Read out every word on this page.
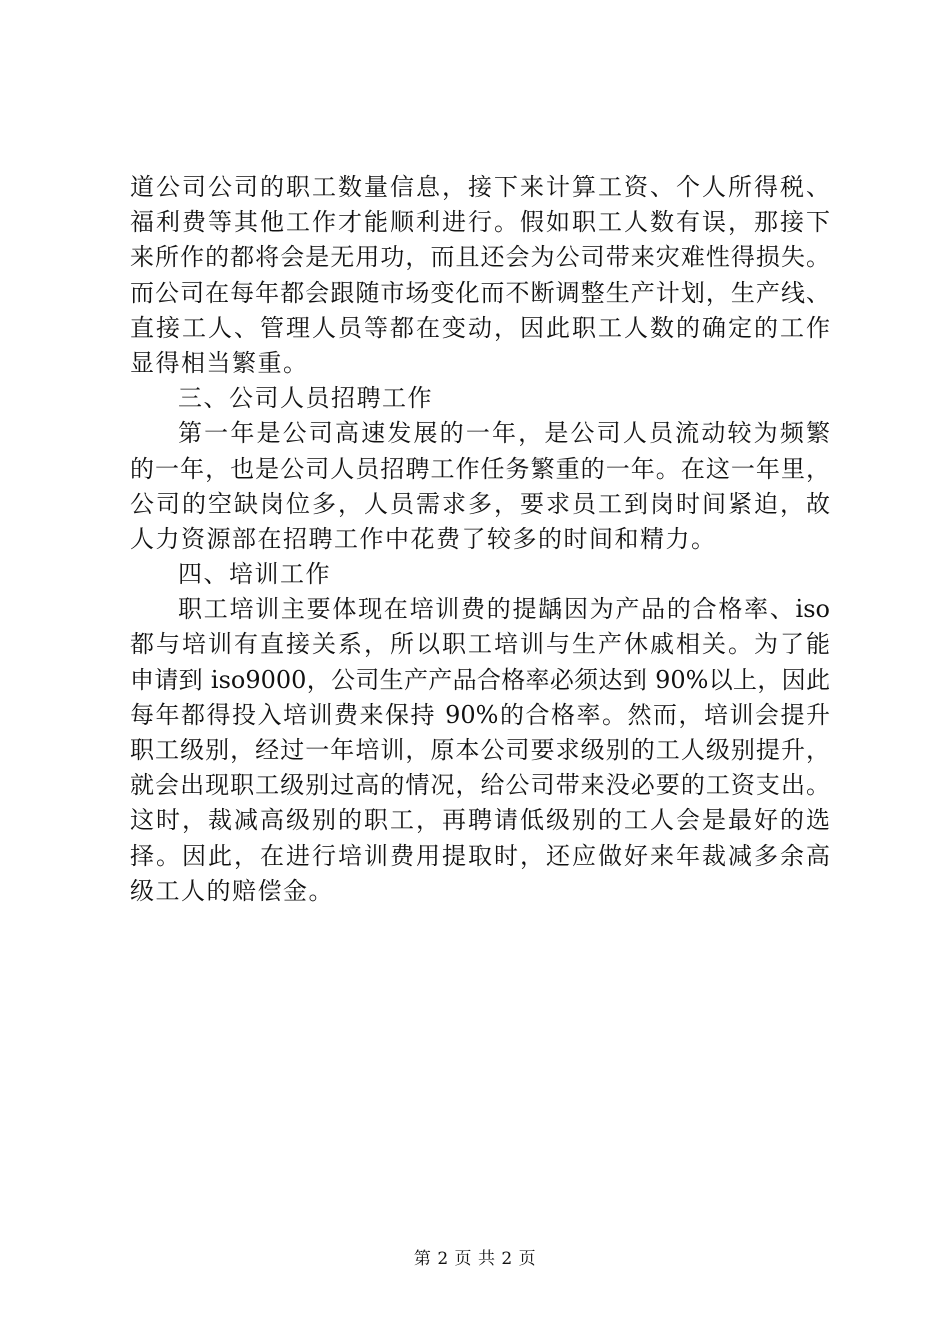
道公司公司的职工数量信息，接下来计算工资、个人所得税、
福利费等其他工作才能顺利进行。假如职工人数有误，那接下
来所作的都将会是无用功，而且还会为公司带来灾难性得损失。
而公司在每年都会跟随市场变化而不断调整生产计划，生产线、
直接工人、管理人员等都在变动，因此职工人数的确定的工作
显得相当繁重。
三、公司人员招聘工作
第一年是公司高速发展的一年，是公司人员流动较为频繁
的一年，也是公司人员招聘工作任务繁重的一年。在这一年里，
公司的空缺岗位多，人员需求多，要求员工到岗时间紧迫，故
人力资源部在招聘工作中花费了较多的时间和精力。
四、培训工作
职工培训主要体现在培训费的提龋因为产品的合格率、iso
都与培训有直接关系，所以职工培训与生产休戚相关。为了能
申请到 iso9000，公司生产产品合格率必须达到 90%以上，因此
每年都得投入培训费来保持 90%的合格率。然而，培训会提升
职工级别，经过一年培训，原本公司要求级别的工人级别提升，
就会出现职工级别过高的情况，给公司带来没必要的工资支出。
这时，裁减高级别的职工，再聘请低级别的工人会是最好的选
择。因此，在进行培训费用提取时，还应做好来年裁减多余高
级工人的赔偿金。
第 2 页 共 2 页
